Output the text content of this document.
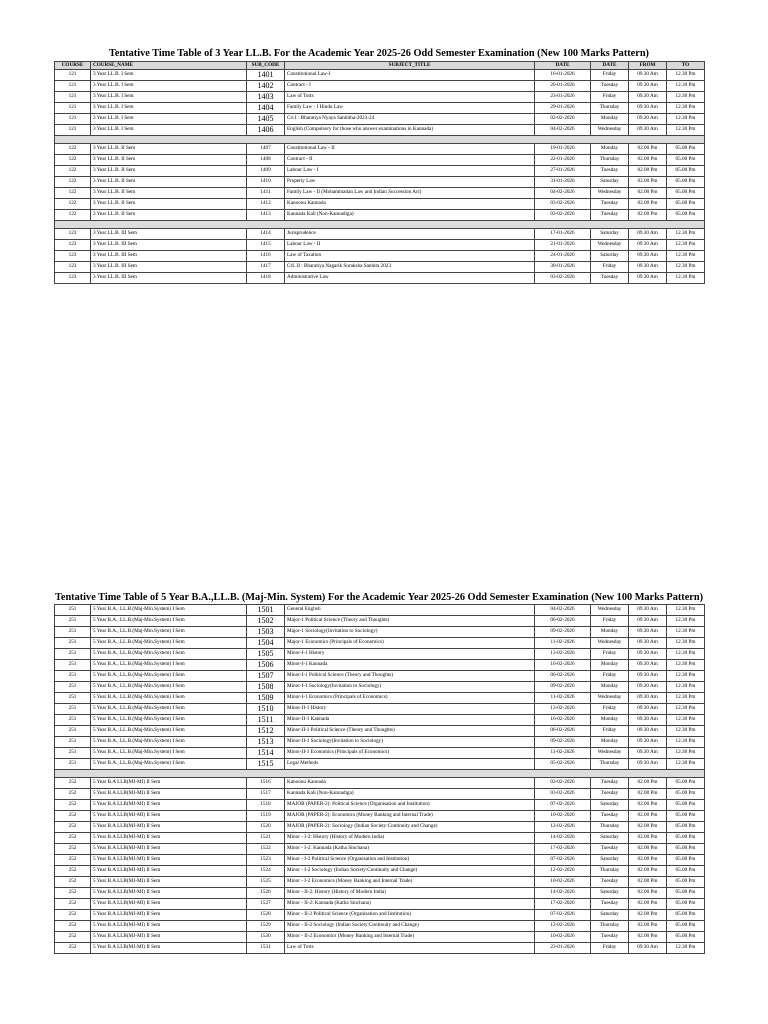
Tentative Time Table of 3 Year LL.B. For the Academic Year 2025-26 Odd Semester Examination (New 100 Marks Pattern)
COURSE	COURSE_NAME	SUB_CODE	SUBJECT_TITLE	DATE	DATE	FROM	TO
121	3 Year LL.B. I Sem	1401	Constitutional Law-I	16-01-2026	Friday	09.30 Am	12.30 Pm
121	3 Year LL.B. I Sem	1402	Contract - I	20-01-2026	Tuesday	09.30 Am	12.30 Pm
121	3 Year LL.B. I Sem	1403	Law of Torts	23-01-2026	Friday	09.30 Am	12.30 Pm
121	3 Year LL.B. I Sem	1404	Family Law - I Hindu Law	29-01-2026	Thursday	09.30 Am	12.30 Pm
121	3 Year LL.B. I Sem	1405	Cri I : Bharatiya Nyaya Sanhitha-2023-24	02-02-2026	Monday	09.30 Am	12.30 Pm
121	3 Year LL.B. I Sem	1406	English (Compulsory for those who answer examinations in Kannada)	04-02-2026	Wednesday	09.30 Am	12.30 Pm

122	3 Year LL.B. II Sem	1407	Constitutional Law - II	19-01-2026	Monday	02.00 Pm	05.00 Pm
122	3 Year LL.B. II Sem	1408	Contract - II	22-01-2026	Thursday	02.00 Pm	05.00 Pm
122	3 Year LL.B. II Sem	1409	Labour Law - I	27-01-2026	Tuesday	02.00 Pm	05.00 Pm
122	3 Year LL.B. II Sem	1410	Property Law	31-01-2026	Saturday	02.00 Pm	05.00 Pm
122	3 Year LL.B. II Sem	1411	Family Law - II (Mohammadan Law and Indian Succession Act)	04-02-2026	Wednesday	02.00 Pm	05.00 Pm
122	3 Year LL.B. II Sem	1412	Kanoonu Kannada	03-02-2026	Tuesday	02.00 Pm	05.00 Pm
122	3 Year LL.B. II Sem	1413	Kannada Kali (Non-Kannadiga)	03-02-2026	Tuesday	02.00 Pm	05.00 Pm

123	3 Year LL.B. III Sem	1414	Jurisprudence	17-01-2026	Saturday	09.30 Am	12.30 Pm
123	3 Year LL.B. III Sem	1415	Labour Law - II	21-01-2026	Wednesday	09.30 Am	12.30 Pm
123	3 Year LL.B. III Sem	1416	Law of Taxation	24-01-2026	Saturday	09.30 Am	12.30 Pm
123	3 Year LL.B. III Sem	1417	CrL II : Bharatiya Nagarik Suraksha Sanhita 2023	30-01-2026	Friday	09.30 Am	12.30 Pm
123	3 Year LL.B. III Sem	1418	Administrative Law	03-02-2026	Tuesday	09.30 Am	12.30 Pm
Tentative Time Table of 5 Year B.A.,LL.B. (Maj-Min. System) For the Academic Year 2025-26 Odd Semester Examination (New 100 Marks Pattern)
251	5 Year B.A., LL.B.(Maj-Min.System) I Sem	1501	General English	04-02-2026	Wednesday	09.30 Am	12.30 Pm
251	5 Year B.A., LL.B.(Maj-Min.System) I Sem	1502	Major-1 Political Science (Theory and Thoughts)	06-02-2026	Friday	09.30 Am	12.30 Pm
251	5 Year B.A., LL.B.(Maj-Min.System) I Sem	1503	Major-1 Sociology(Invitation to Sociology)	09-02-2026	Monday	09.30 Am	12.30 Pm
251	5 Year B.A., LL.B.(Maj-Min.System) I Sem	1504	Major-1 Economics (Principals of Economics)	11-02-2026	Wednesday	09.30 Am	12.30 Pm
251	5 Year B.A., LL.B.(Maj-Min.System) I Sem	1505	Minor-I-1 History	13-02-2026	Friday	09.30 Am	12.30 Pm
251	5 Year B.A., LL.B.(Maj-Min.System) I Sem	1506	Minor-I-1 Kannada	16-02-2026	Monday	09.30 Am	12.30 Pm
251	5 Year B.A., LL.B.(Maj-Min.System) I Sem	1507	Minor-I-1 Political Science (Theory and Thoughts)	06-02-2026	Friday	09.30 Am	12.30 Pm
251	5 Year B.A., LL.B.(Maj-Min.System) I Sem	1508	Minor-I-1 Sociology(Invitation to Sociology)	09-02-2026	Monday	09.30 Am	12.30 Pm
251	5 Year B.A., LL.B.(Maj-Min.System) I Sem	1509	Minor-I-1 Economics (Principals of Economics)	11-02-2026	Wednesday	09.30 Am	12.30 Pm
251	5 Year B.A., LL.B.(Maj-Min.System) I Sem	1510	Minor-II-1 History	13-02-2026	Friday	09.30 Am	12.30 Pm
251	5 Year B.A., LL.B.(Maj-Min.System) I Sem	1511	Minor-II-1 Kannada	16-02-2026	Monday	09.30 Am	12.30 Pm
251	5 Year B.A., LL.B.(Maj-Min.System) I Sem	1512	Minor-II-1 Political Science (Theory and Thoughts)	06-02-2026	Friday	09.30 Am	12.30 Pm
251	5 Year B.A., LL.B.(Maj-Min.System) I Sem	1513	Minor-II-1 Sociology(Invitation to Sociology)	09-02-2026	Monday	09.30 Am	12.30 Pm
251	5 Year B.A., LL.B.(Maj-Min.System) I Sem	1514	Minor-II-1 Economics (Principals of Economics)	11-02-2026	Wednesday	09.30 Am	12.30 Pm
251	5 Year B.A., LL.B.(Maj-Min.System) I Sem	1515	Legal Methods	05-02-2026	Thursday	09.30 Am	12.30 Pm

252	5 Year B.A LLB(MJ-MI) II Sem	1516	Kanoonu Kannada	03-02-2026	Tuesday	02.00 Pm	05.00 Pm
252	5 Year B.A LLB(MJ-MI) II Sem	1517	Kannada Kali (Non-Kannadiga)	03-02-2026	Tuesday	02.00 Pm	05.00 Pm
252	5 Year B.A LLB(MJ-MI) II Sem	1518	MAJOR (PAPER-2): Political Science (Organisation and Institution)	07-02-2026	Saturday	02.00 Pm	05.00 Pm
252	5 Year B.A LLB(MJ-MI) II Sem	1519	MAJOR (PAPER-2): Economics (Money Banking and Internal Trade)	10-02-2026	Tuesday	02.00 Pm	05.00 Pm
252	5 Year B.A LLB(MJ-MI) II Sem	1520	MAJOR (PAPER-2): Sociology (Indian Society:Continuity and Change)	12-02-2026	Thursday	02.00 Pm	05.00 Pm
252	5 Year B.A LLB(MJ-MI) II Sem	1521	Minor - I-2: History (History of Modern India)	14-02-2026	Saturday	02.00 Pm	05.00 Pm
252	5 Year B.A LLB(MJ-MI) II Sem	1522	Minor - I-2: Kannada (Katha Sinchana)	17-02-2026	Tuesday	02.00 Pm	05.00 Pm
252	5 Year B.A LLB(MJ-MI) II Sem	1523	Minor - I-2 Political Science (Organisation and Institution)	07-02-2026	Saturday	02.00 Pm	05.00 Pm
252	5 Year B.A LLB(MJ-MI) II Sem	1524	Minor - I-2 Sociology (Indian Society:Continuity and Change)	12-02-2026	Thursday	02.00 Pm	05.00 Pm
252	5 Year B.A LLB(MJ-MI) II Sem	1525	Minor - I-2 Economics (Money Banking and Internal Trade)	10-02-2026	Tuesday	02.00 Pm	05.00 Pm
252	5 Year B.A LLB(MJ-MI) II Sem	1526	Minor - II-2: History (History of Modern India)	14-02-2026	Saturday	02.00 Pm	05.00 Pm
252	5 Year B.A LLB(MJ-MI) II Sem	1527	Minor - II-2: Kannada (Katha Sinchana)	17-02-2026	Tuesday	02.00 Pm	05.00 Pm
252	5 Year B.A LLB(MJ-MI) II Sem	1528	Minor - II-2 Political Science (Organisation and Institution)	07-02-2026	Saturday	02.00 Pm	05.00 Pm
252	5 Year B.A LLB(MJ-MI) II Sem	1529	Minor - II-2 Sociology (Indian Society:Continuity and Change)	12-02-2026	Thursday	02.00 Pm	05.00 Pm
252	5 Year B.A LLB(MJ-MI) II Sem	1530	Minor - II-2 Economics (Money Banking and Internal Trade)	10-02-2026	Tuesday	02.00 Pm	05.00 Pm
252	5 Year B.A LLB(MJ-MI) II Sem	1531	Law of Torts	23-01-2026	Friday	09.30 Am	12.30 Pm
